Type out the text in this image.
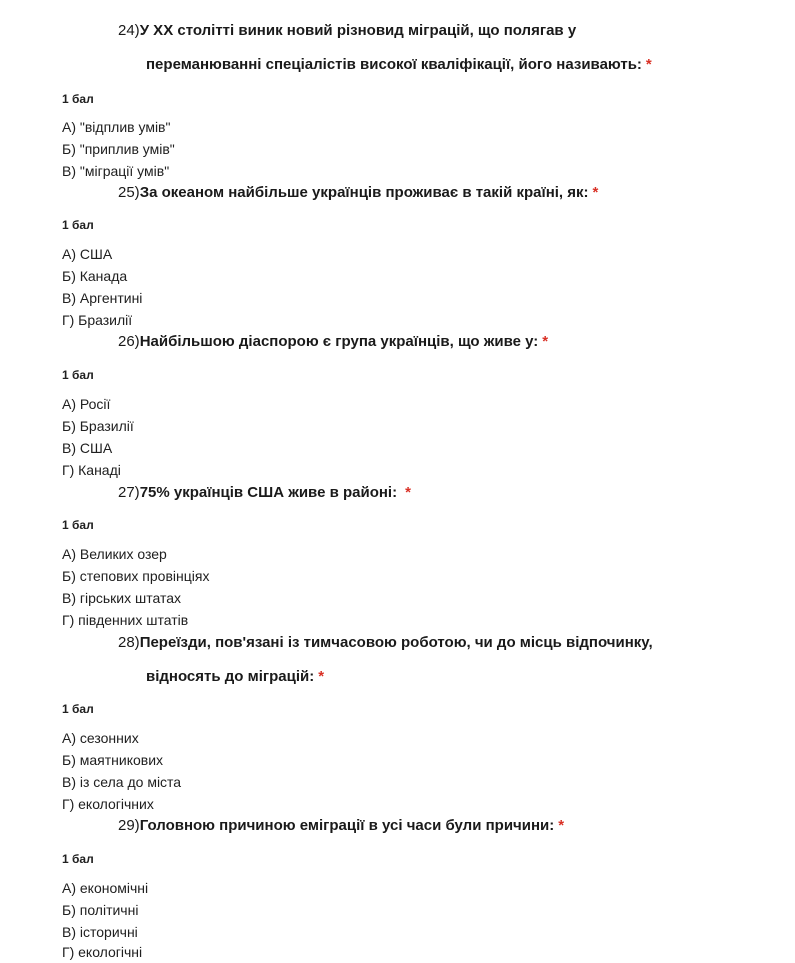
24)У XX столітті виник новий різновид міграцій, що полягав у
переманюванні спеціалістів високої кваліфікації, його називають: *
1 бал
А) "відплив умів"
Б) "приплив умів"
В) "міграції умів"
25)За океаном найбільше українців проживає в такій країні, як: *
1 бал
А) США
Б) Канада
В) Аргентині
Г) Бразилії
26)Найбільшою діаспорою є група українців, що живе у: *
1 бал
А) Росії
Б) Бразилії
В) США
Г) Канаді
27)75% українців США живе в районі: *
1 бал
А) Великих озер
Б) степових провінціях
В) гірських штатах
Г) південних штатів
28)Переїзди, пов'язані із тимчасовою роботою, чи до місць відпочинку,
відносять до міграцій: *
1 бал
А) сезонних
Б) маятникових
В) із села до міста
Г) екологічних
29)Головною причиною еміграції в усі часи були причини: *
1 бал
А) економічні
Б) політичні
В) історичні
Г) екологічні
